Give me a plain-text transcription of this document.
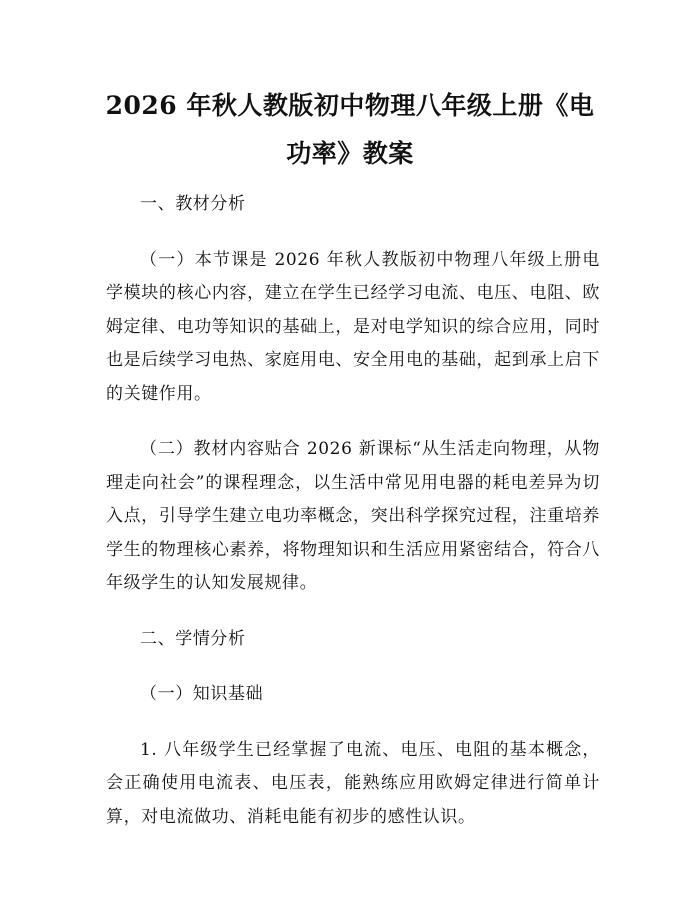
2026 年秋人教版初中物理八年级上册《电功率》教案

一、教材分析

（一）本节课是 2026 年秋人教版初中物理八年级上册电学模块的核心内容，建立在学生已经学习电流、电压、电阻、欧姆定律、电功等知识的基础上，是对电学知识的综合应用，同时也是后续学习电热、家庭用电、安全用电的基础，起到承上启下的关键作用。

（二）教材内容贴合 2026 新课标“从生活走向物理，从物理走向社会”的课程理念，以生活中常见用电器的耗电差异为切入点，引导学生建立电功率概念，突出科学探究过程，注重培养学生的物理核心素养，将物理知识和生活应用紧密结合，符合八年级学生的认知发展规律。

二、学情分析

（一）知识基础

1. 八年级学生已经掌握了电流、电压、电阻的基本概念，会正确使用电流表、电压表，能熟练应用欧姆定律进行简单计算，对电流做功、消耗电能有初步的感性认识。
